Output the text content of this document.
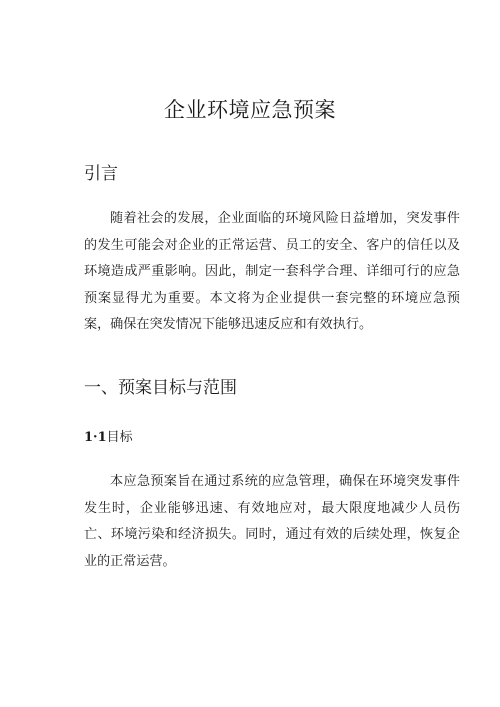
企业环境应急预案
引言

随着社会的发展，企业面临的环境风险日益增加，突发事件的发生可能会对企业的正常运营、员工的安全、客户的信任以及环境造成严重影响。因此，制定一套科学合理、详细可行的应急预案显得尤为重要。本文将为企业提供一套完整的环境应急预案，确保在突发情况下能够迅速反应和有效执行。

一、预案目标与范围
1·1目标

本应急预案旨在通过系统的应急管理，确保在环境突发事件发生时，企业能够迅速、有效地应对，最大限度地减少人员伤亡、环境污染和经济损失。同时，通过有效的后续处理，恢复企业的正常运营。
